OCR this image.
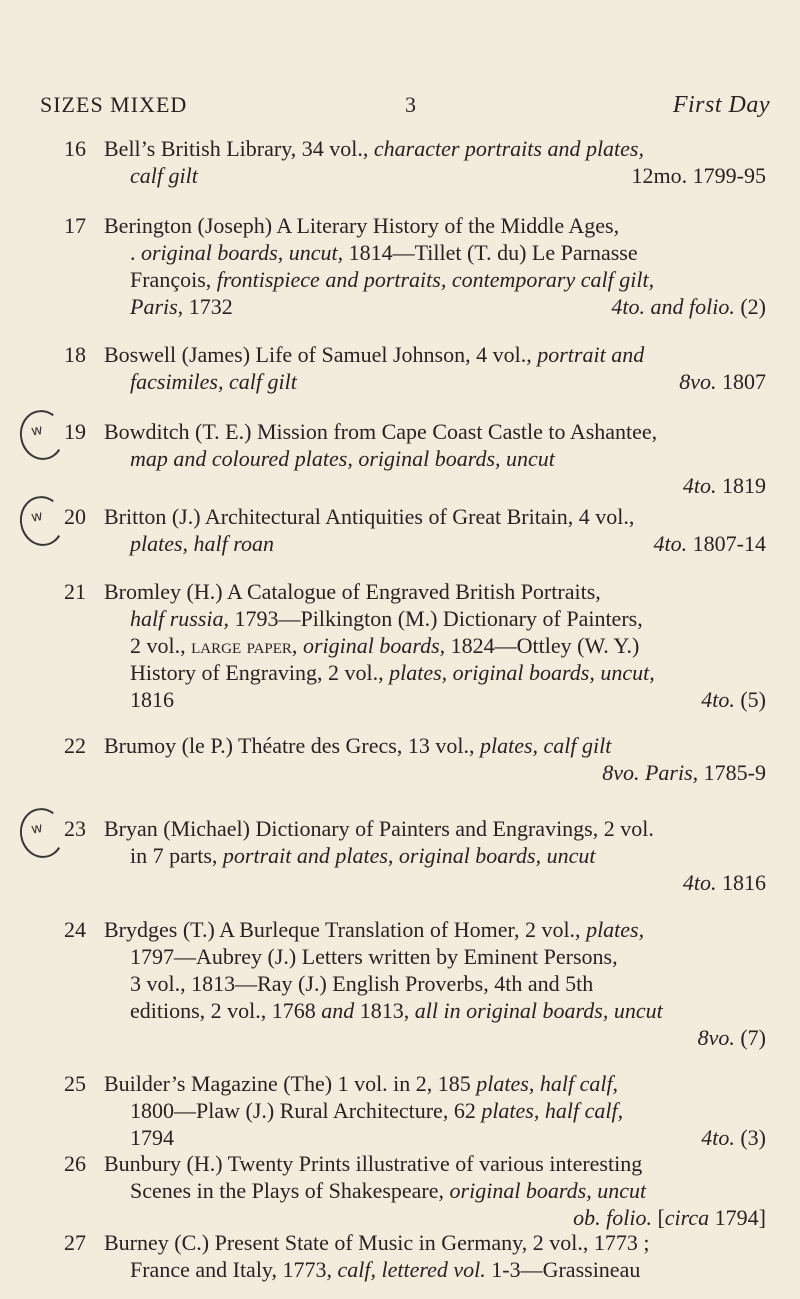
SIZES MIXED	3	First Day
16 Bell’s British Library, 34 vol., character portraits and plates,
calf gilt	12mo. 1799-95
17 Berington (Joseph) A Literary History of the Middle Ages,
. original boards, uncut, 1814—Tillet (T. du) Le Parnasse
François, frontispiece and portraits, contemporary calf gilt,
Paris, 1732	4to. and folio. (2)
18 Boswell (James) Life of Samuel Johnson, 4 vol., portrait and
facsimiles, calf gilt	8vo. 1807
w 19 Bowditch (T. E.) Mission from Cape Coast Castle to Ashantee,
map and coloured plates, original boards, uncut
4to. 1819
w 20 Britton (J.) Architectural Antiquities of Great Britain, 4 vol.,
plates, half roan	4to. 1807-14
21 Bromley (H.) A Catalogue of Engraved British Portraits,
half russia, 1793—Pilkington (M.) Dictionary of Painters,
2 vol., large paper, original boards, 1824—Ottley (W. Y.)
History of Engraving, 2 vol., plates, original boards, uncut,
1816	4to. (5)
22 Brumoy (le P.) Théatre des Grecs, 13 vol., plates, calf gilt
8vo. Paris, 1785-9
w 23 Bryan (Michael) Dictionary of Painters and Engravings, 2 vol.
in 7 parts, portrait and plates, original boards, uncut
4to. 1816
24 Brydges (T.) A Burleque Translation of Homer, 2 vol., plates,
1797—Aubrey (J.) Letters written by Eminent Persons,
3 vol., 1813—Ray (J.) English Proverbs, 4th and 5th
editions, 2 vol., 1768 and 1813, all in original boards, uncut
8vo. (7)
25 Builder’s Magazine (The) 1 vol. in 2, 185 plates, half calf,
1800—Plaw (J.) Rural Architecture, 62 plates, half calf,
1794	4to. (3)
26 Bunbury (H.) Twenty Prints illustrative of various interesting
Scenes in the Plays of Shakespeare, original boards, uncut
ob. folio. [circa 1794]
27 Burney (C.) Present State of Music in Germany, 2 vol., 1773 ;
France and Italy, 1773, calf, lettered vol. 1-3—Grassineau
